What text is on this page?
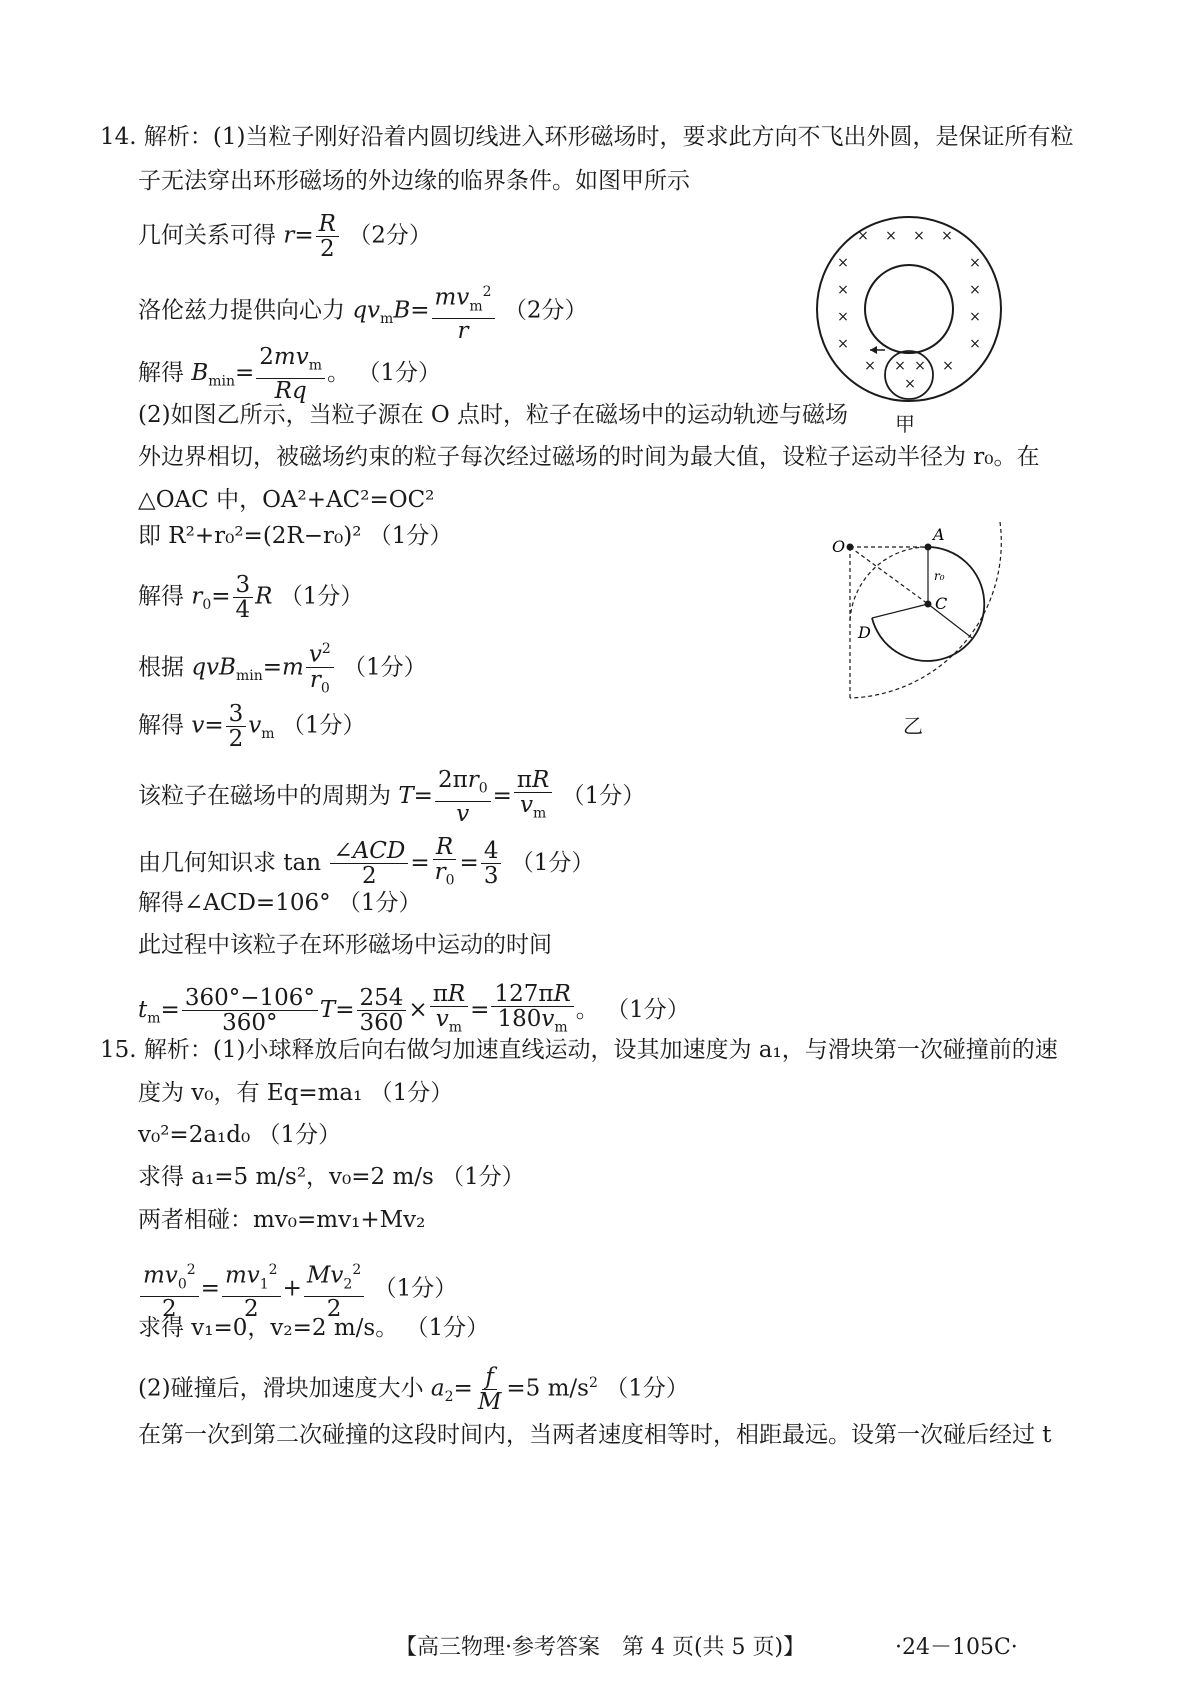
14. 解析：(1)当粒子刚好沿着内圆切线进入环形磁场时，要求此方向不飞出外圆，是保证所有粒
子无法穿出环形磁场的外边缘的临界条件。如图甲所示
几何关系可得 $r= \frac{R}{2} (2$分）
洛伦兹力提供向心力 $qv_mB= mv_m^2$
r
（2分）
解得 $B_{min}=$
$2mv_m$
Rq
。 （1分）
(2)如图乙所示，当粒子源在 O 点时，粒子在磁场中的运动轨迹与磁场
外边界相切，被磁场约束的粒子每次经过磁场的时间为最大值，设粒子运动半径为 r₀。在
△OAC 中，OA²+AC²=OC²
即 R²+r₀²=(2R−r₀)² （1分）
解得 $r_0= \frac{3}{4}$ R （1分）
根据 $qvB_{min}=m \frac{v^2}{r_0} (1$分）
解得 $v= \frac{3}{2} v_m$ （1分）
该粒子在磁场中的周期为 $T= \frac{2\pi r_0}{v} = \frac{\pi R}{v_m} (1$分）
由几何知识求 tan ∠ACD
2
= $\frac{R}{r_0} = \frac{4}{3} (1$分）
解得∠ACD=106° （1分）
此过程中该粒子在环形磁场中运动的时间
$t_m= \frac{360^\circ-106^\circ}{360^\circ} T= \frac{254}{360} \times \frac{\pi R}{v_m} = \frac{127\pi R}{180v_m}$ 。 （1分）
× × × ×
×	×
×	×
×	×
×	×
×	×
× ×
×
甲
O
A
C
D
r₀
乙
15. 解析：(1)小球释放后向右做匀加速直线运动，设其加速度为 a₁，与滑块第一次碰撞前的速
度为 v₀，有 Eq=ma₁ （1分）
v₀²=2a₁d₀ （1分）
求得 a₁=5 m/s²，v₀=2 m/s （1分）
两者相碰：mv₀=mv₁+Mv₂
$\frac{mv_0^2}{2} = \frac{mv_1^2}{2} + \frac{Mv_2^2}{2} (1$分）
求得 v₁=0，v₂=2 m/s。 （1分）
(2)碰撞后，滑块加速度大小 $a_2= \frac{f}{M} =5$ $m/s^2$ （1分）
在第一次到第二次碰撞的这段时间内，当两者速度相等时，相距最远。设第一次碰后经过 t
【高三物理·参考答案　第 4 页(共 5 页)】	·24－105C·
